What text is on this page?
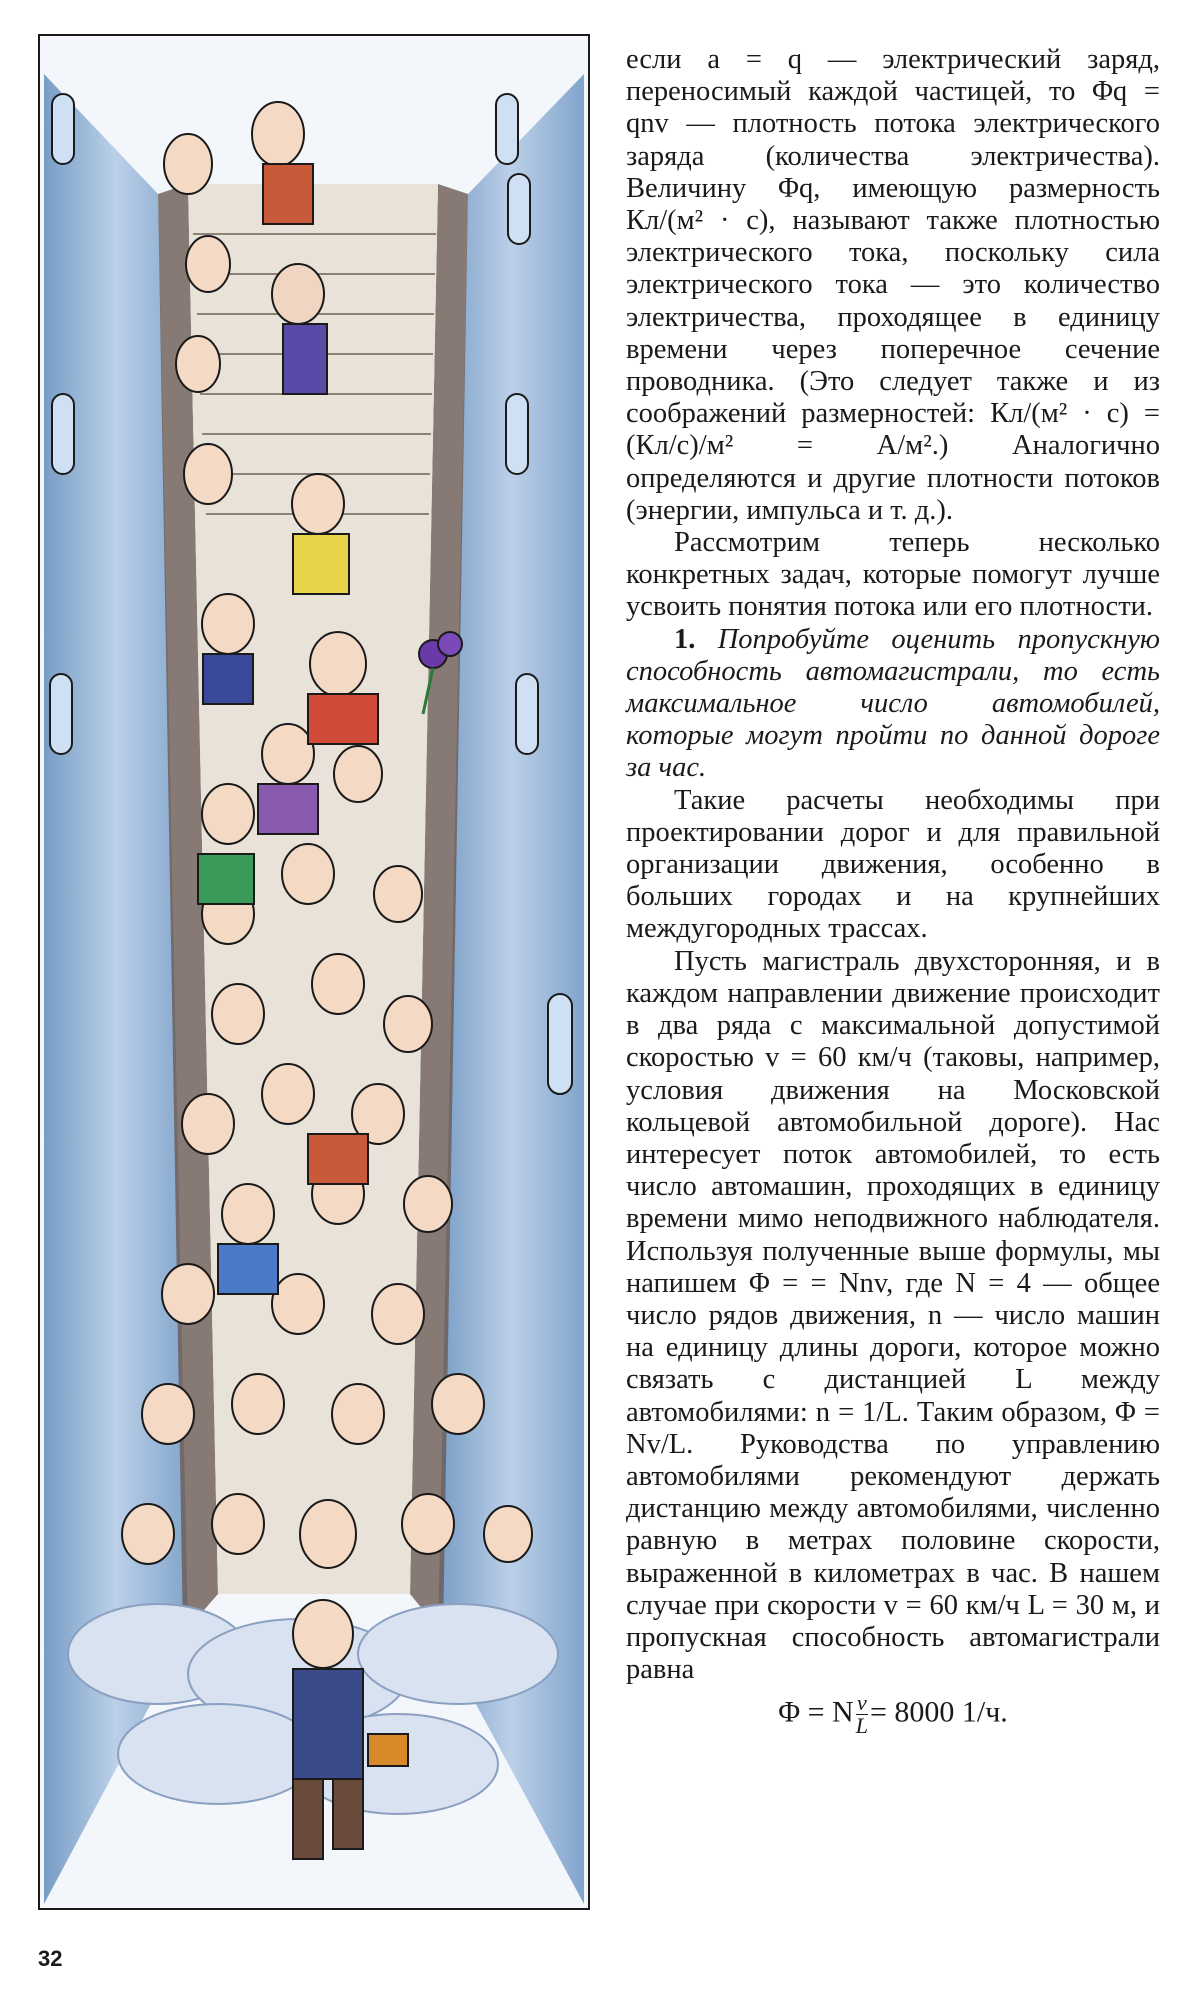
если a = q — электрический заряд, переносимый каждой частицей, то Φq = qnv — плотность потока электрического заряда (количества электричества). Величину Φq, имеющую размерность Кл/(м² · с), называют также плотностью электрического тока, поскольку сила электрического тока — это количество электричества, проходящее в единицу времени через поперечное сечение проводника. (Это следует также и из соображений размерностей: Кл/(м² · с) = (Кл/с)/м² = А/м².) Аналогично определяются и другие плотности потоков (энергии, импульса и т. д.).

Рассмотрим теперь несколько конкретных задач, которые помогут лучше усвоить понятия потока или его плотности.

1. Попробуйте оценить пропускную способность автомагистрали, то есть максимальное число автомобилей, которые могут пройти по данной дороге за час.

Такие расчеты необходимы при проектировании дорог и для правильной организации движения, особенно в больших городах и на крупнейших междугородных трассах.

Пусть магистраль двухсторонняя, и в каждом направлении движение происходит в два ряда с максимальной допустимой скоростью v = 60 км/ч (таковы, например, условия движения на Московской кольцевой автомобильной дороге). Нас интересует поток автомобилей, то есть число автомашин, проходящих в единицу времени мимо неподвижного наблюдателя. Используя полученные выше формулы, мы напишем Φ = = Nnv, где N = 4 — общее число рядов движения, n — число машин на единицу длины дороги, которое можно связать с дистанцией L между автомобилями: n = 1/L. Таким образом, Φ = Nv/L. Руководства по управлению автомобилями рекомендуют держать дистанцию между автомобилями, численно равную в метрах половине скорости, выраженной в километрах в час. В нашем случае при скорости v = 60 км/ч L = 30 м, и пропускная способность автомагистрали равна

Φ = N $\frac{v}{L} = 8000$ 1/ч.

32
